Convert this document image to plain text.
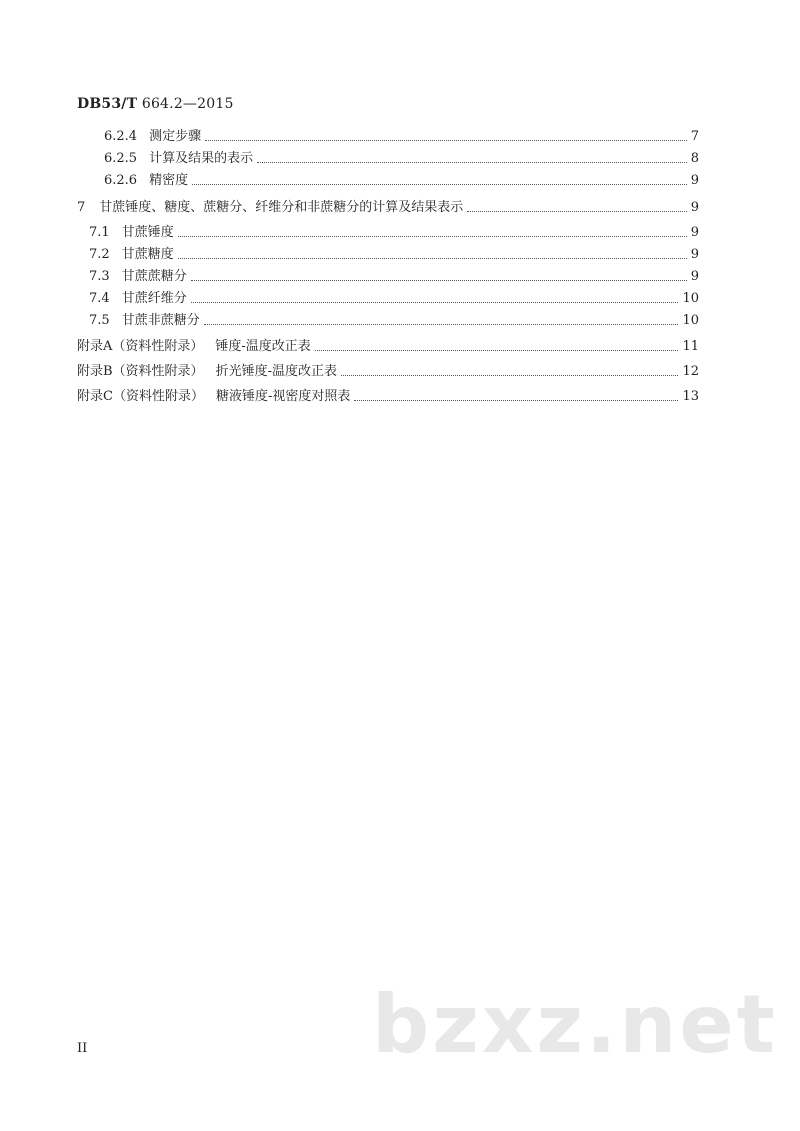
DB53/T 664.2—2015
6.2.4 测定步骤	7
6.2.5 计算及结果的表示	8
6.2.6 精密度	9
7 甘蔗锤度、糖度、蔗糖分、纤维分和非蔗糖分的计算及结果表示	9
7.1 甘蔗锤度	9
7.2 甘蔗糖度	9
7.3 甘蔗蔗糖分	9
7.4 甘蔗纤维分	10
7.5 甘蔗非蔗糖分	10
附录A（资料性附录） 锤度-温度改正表	11
附录B（资料性附录） 折光锤度-温度改正表	12
附录C（资料性附录） 糖液锤度-视密度对照表	13
II	bzxz.net
